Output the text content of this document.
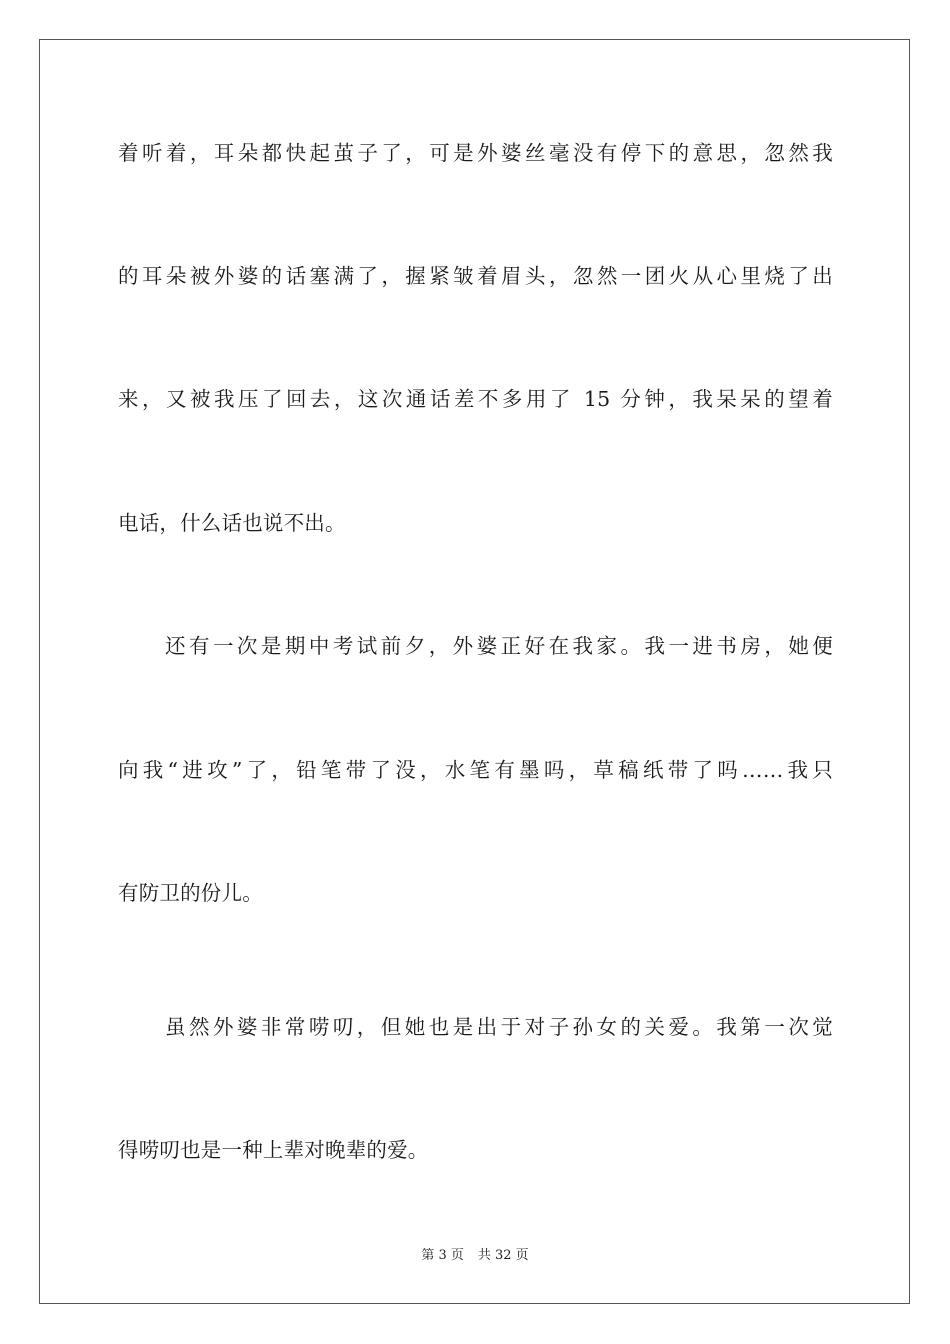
着听着，耳朵都快起茧子了，可是外婆丝毫没有停下的意思，忽然我
的耳朵被外婆的话塞满了，握紧皱着眉头，忽然一团火从心里烧了出
来，又被我压了回去，这次通话差不多用了 15 分钟，我呆呆的望着
电话，什么话也说不出。
还有一次是期中考试前夕，外婆正好在我家。我一进书房，她便
向我“进攻”了，铅笔带了没，水笔有墨吗，草稿纸带了吗……我只
有防卫的份儿。
虽然外婆非常唠叨，但她也是出于对子孙女的关爱。我第一次觉
得唠叨也是一种上辈对晚辈的爱。
第 3 页 共 32 页
